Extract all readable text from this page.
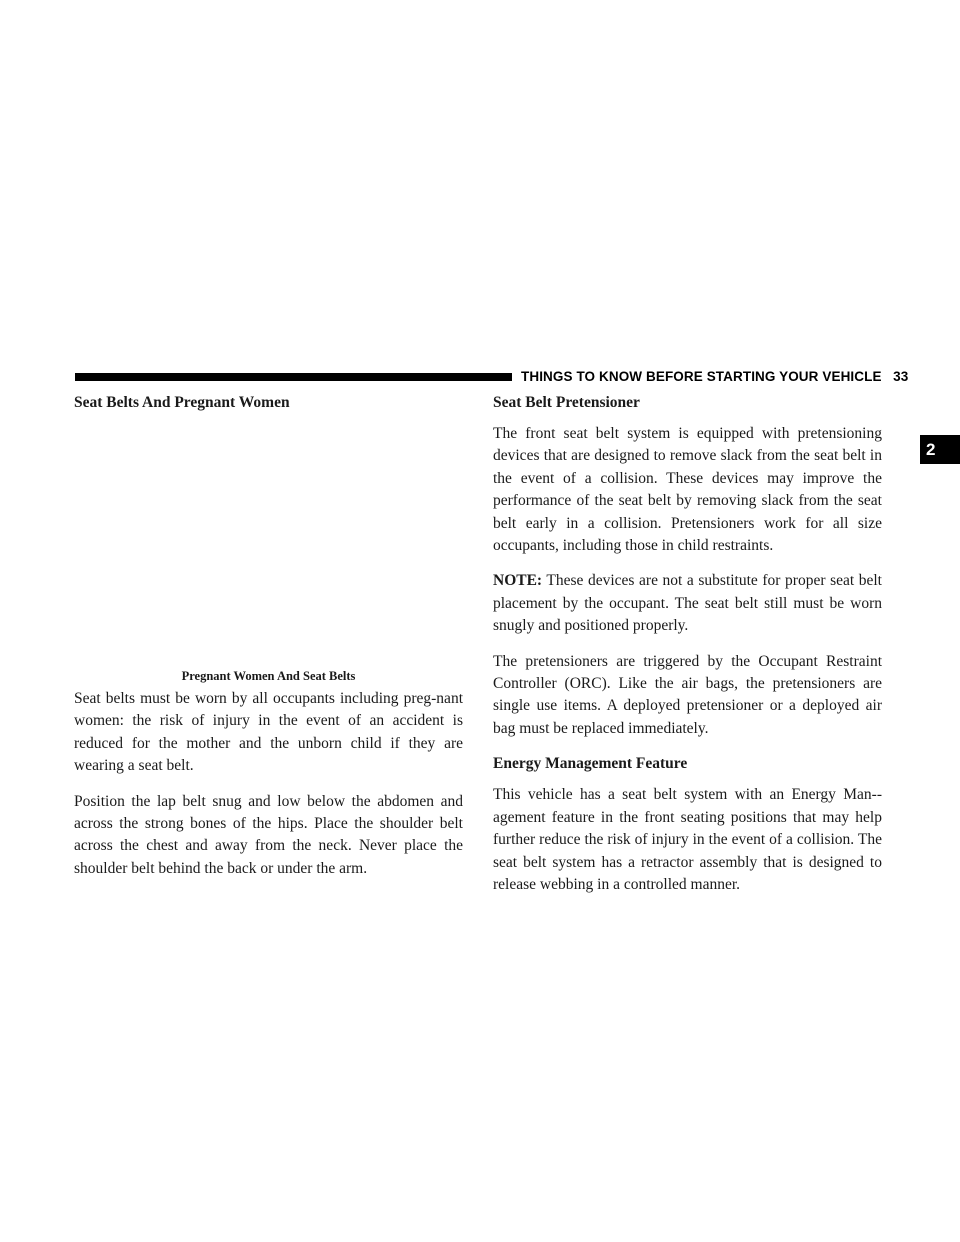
THINGS TO KNOW BEFORE STARTING YOUR VEHICLE 33
2
Seat Belts And Pregnant Women
Pregnant Women And Seat Belts

Seat belts must be worn by all occupants including preg-nant women: the risk of injury in the event of an accident is reduced for the mother and the unborn child if they are wearing a seat belt.

Position the lap belt snug and low below the abdomen and across the strong bones of the hips. Place the shoulder belt across the chest and away from the neck. Never place the shoulder belt behind the back or under the arm.

Seat Belt Pretensioner

The front seat belt system is equipped with pretensioning devices that are designed to remove slack from the seat belt in the event of a collision. These devices may improve the performance of the seat belt by removing slack from the seat belt early in a collision. Pretensioners work for all size occupants, including those in child restraints.

NOTE: These devices are not a substitute for proper seat belt placement by the occupant. The seat belt still must be worn snugly and positioned properly.

The pretensioners are triggered by the Occupant Restraint Controller (ORC). Like the air bags, the pretensioners are single use items. A deployed pretensioner or a deployed air bag must be replaced immediately.

Energy Management Feature

This vehicle has a seat belt system with an Energy Man-agement feature in the front seating positions that may help further reduce the risk of injury in the event of a collision. The seat belt system has a retractor assembly that is designed to release webbing in a controlled manner.
